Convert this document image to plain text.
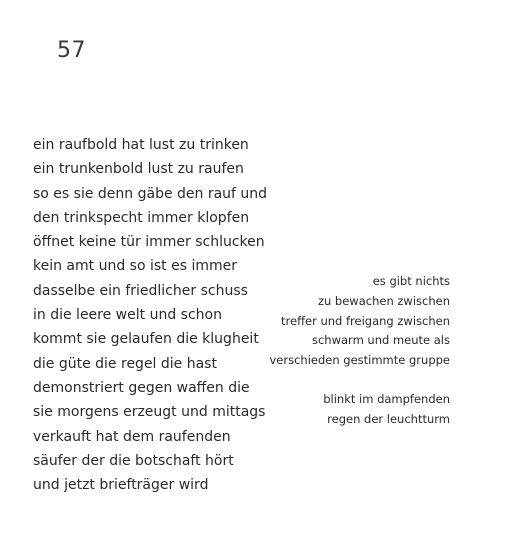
57
ein raufbold hat lust zu trinken
ein trunkenbold lust zu raufen
so es sie denn gäbe den rauf und
den trinkspecht immer klopfen
öffnet keine tür immer schlucken
kein amt und so ist es immer
dasselbe ein friedlicher schuss
in die leere welt und schon
kommt sie gelaufen die klugheit
die güte die regel die hast
demonstriert gegen waffen die
sie morgens erzeugt und mittags
verkauft hat dem raufenden
säufer der die botschaft hört
und jetzt briefträger wird
es gibt nichts
zu bewachen zwischen
treffer und freigang zwischen
schwarm und meute als
verschieden gestimmte gruppe
blinkt im dampfenden
regen der leuchtturm
